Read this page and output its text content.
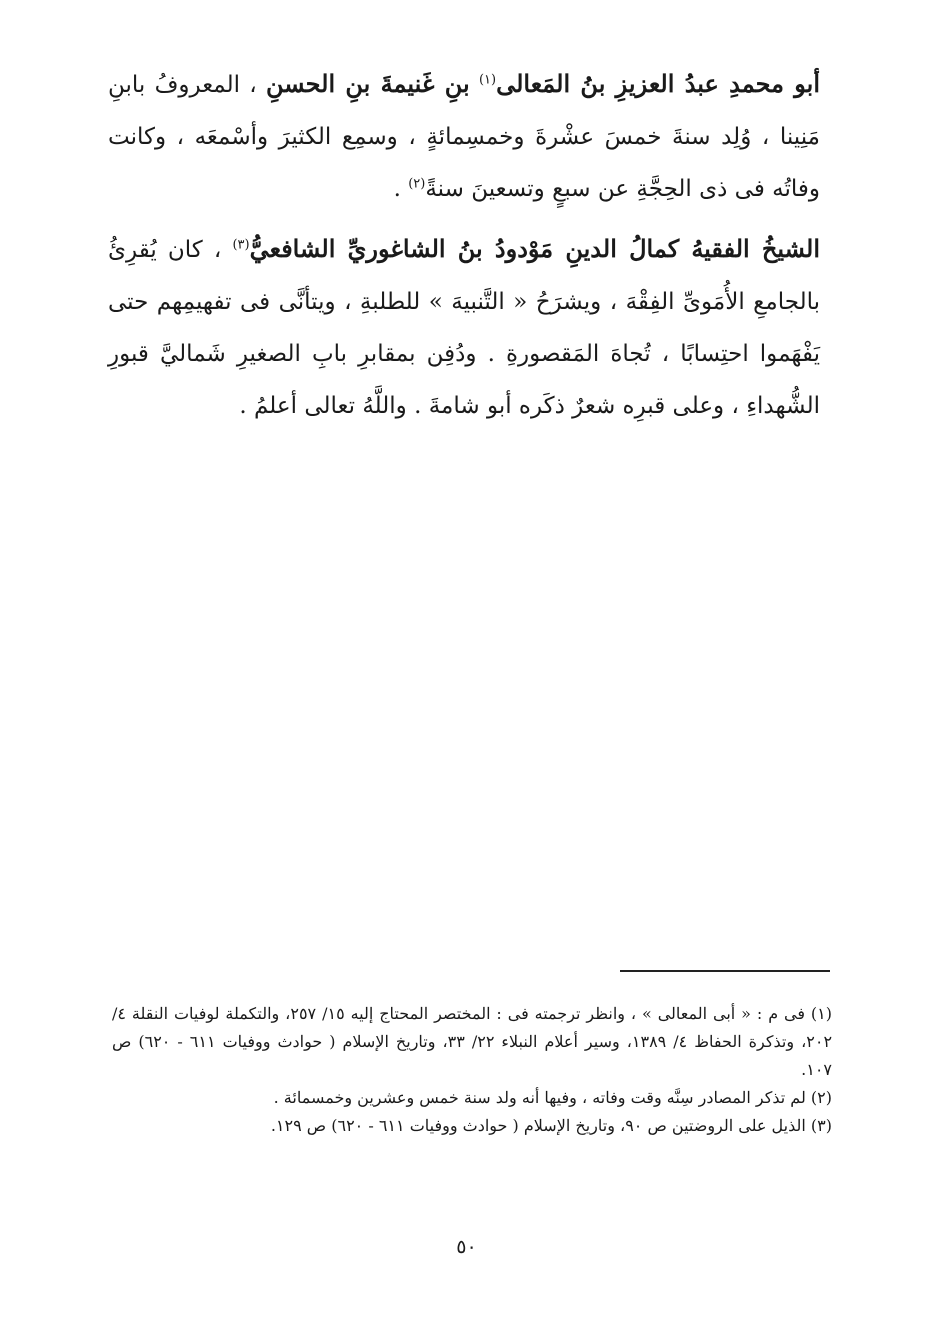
أبو محمدِ عبدُ العزيزِ بنُ المَعالى$^{(١)}$ بنِ غَنيمةَ بنِ الحسنِ ، المعروفُ بابنِ مَنِينا ، وُلِد سنةَ خمسَ عشْرةَ وخمسِمائةٍ ، وسمِع الكثيرَ وأسْمعَه ، وكانت وفاتُه فى ذى الحِجَّةِ عن سبعٍ وتسعينَ سنةً$^{(٢)}$ .

الشيخُ الفقيهُ كمالُ الدينِ مَوْدودُ بنُ الشاغوريِّ الشافعيُّ$^{(٣)}$ ، كان يُقرِئُ بالجامعِ الأُمَوىِّ الفِقْهَ ، ويشرَحُ « التَّنبيهَ » للطلبةِ ، ويتأنَّى فى تفهيمِهم حتى يَفْهَموا احتِسابًا ، تُجاهَ المَقصورةِ . ودُفِن بمقابرِ بابِ الصغيرِ شَماليَّ قبورِ الشُّهداءِ ، وعلى قبرِه شعرٌ ذكَره أبو شامةَ . واللَّهُ تعالى أعلمُ .

(١) فى م : « أبى المعالى » ، وانظر ترجمته فى : المختصر المحتاج إليه ١٥/ ٢٥٧، والتكملة لوفيات النقلة ٤/ ٢٠٢، وتذكرة الحفاظ ٤/ ١٣٨٩، وسير أعلام النبلاء ٢٢/ ٣٣، وتاريخ الإسلام ( حوادث ووفيات ٦١١ - ٦٢٠) ص ١٠٧.

(٢) لم تذكر المصادر سِنَّه وقت وفاته ، وفيها أنه ولد سنة خمس وعشرين وخمسمائة .

(٣) الذيل على الروضتين ص ٩٠، وتاريخ الإسلام ( حوادث ووفيات ٦١١ - ٦٢٠) ص ١٢٩.

٥٠
